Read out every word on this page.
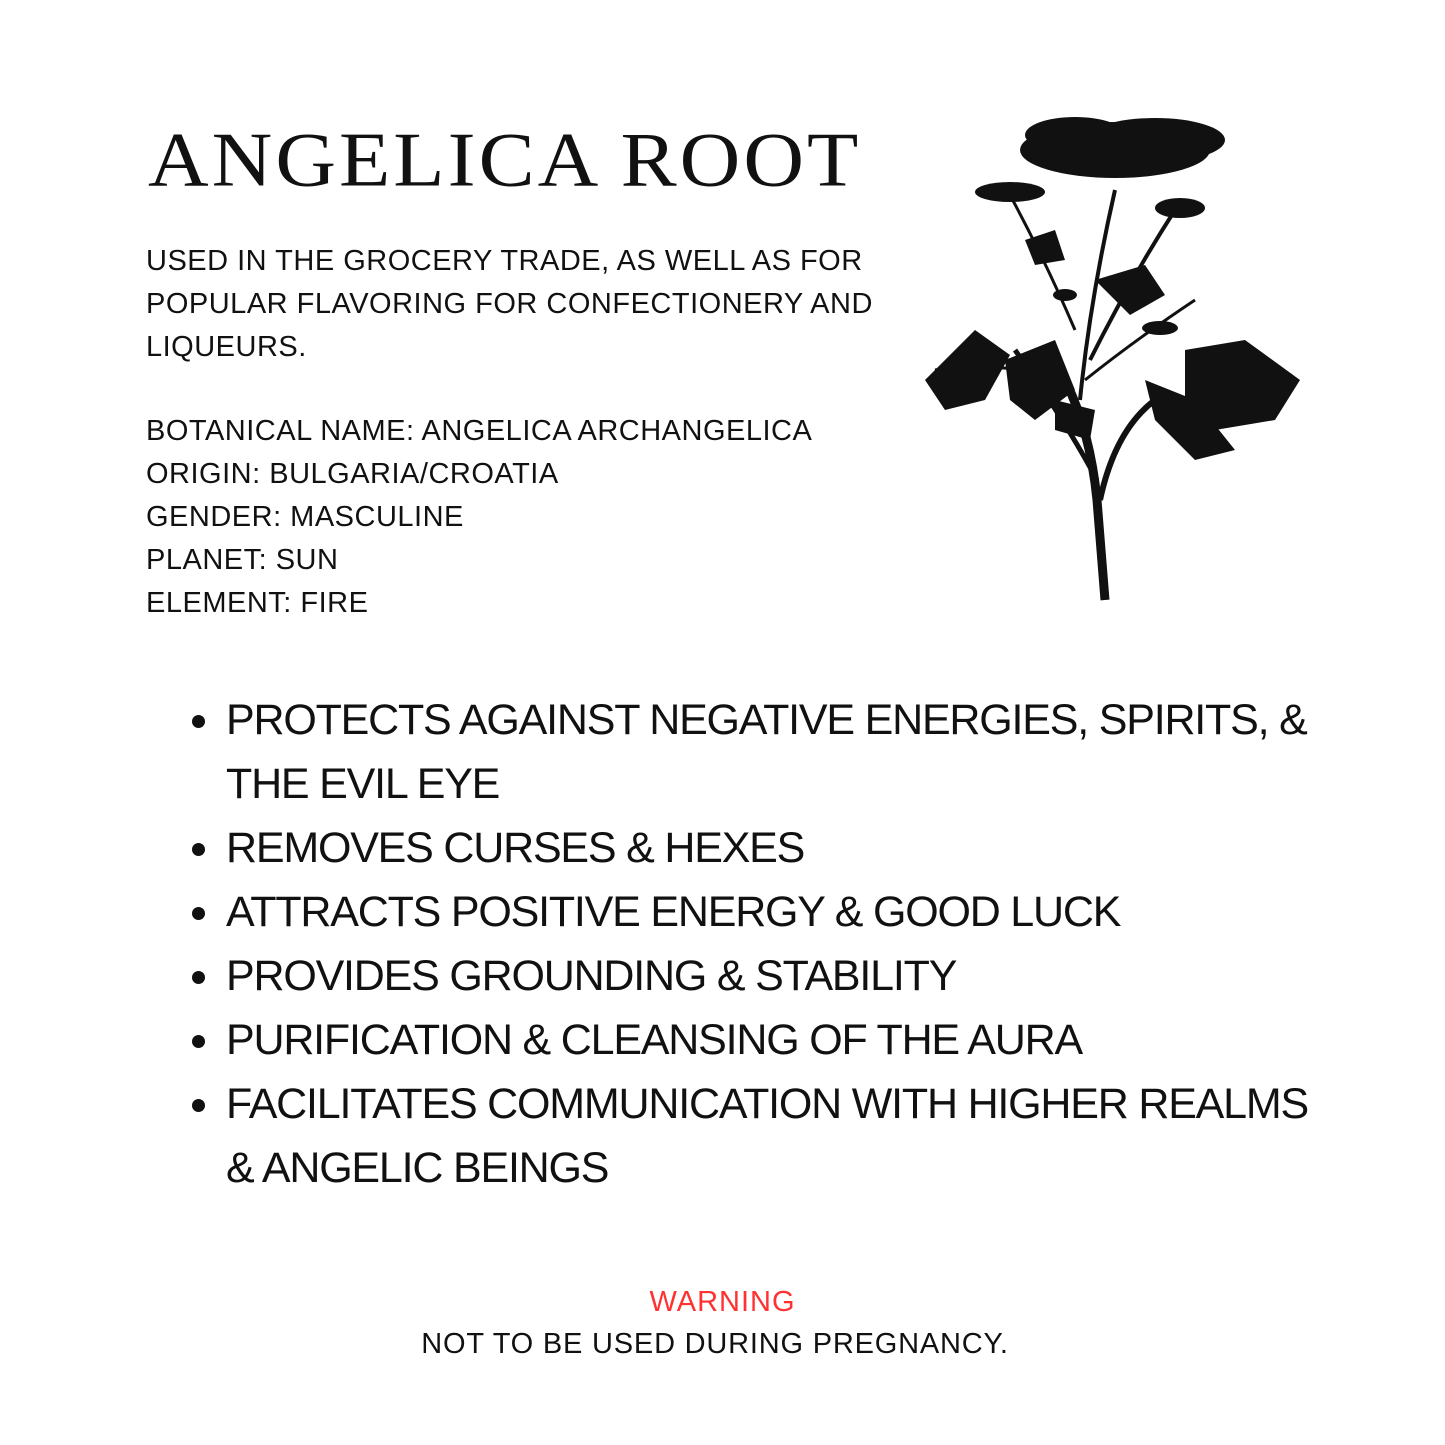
ANGELICA ROOT

USED IN THE GROCERY TRADE, AS WELL AS FOR POPULAR FLAVORING FOR CONFECTIONERY AND LIQUEURS.

BOTANICAL NAME: ANGELICA ARCHANGELICA
ORIGIN: BULGARIA/CROATIA
GENDER: MASCULINE
PLANET: SUN
ELEMENT: FIRE
• PROTECTS AGAINST NEGATIVE ENERGIES, SPIRITS, & THE EVIL EYE
• REMOVES CURSES & HEXES
• ATTRACTS POSITIVE ENERGY & GOOD LUCK
• PROVIDES GROUNDING & STABILITY
• PURIFICATION & CLEANSING OF THE AURA
• FACILITATES COMMUNICATION WITH HIGHER REALMS & ANGELIC BEINGS
WARNING
NOT TO BE USED DURING PREGNANCY.
